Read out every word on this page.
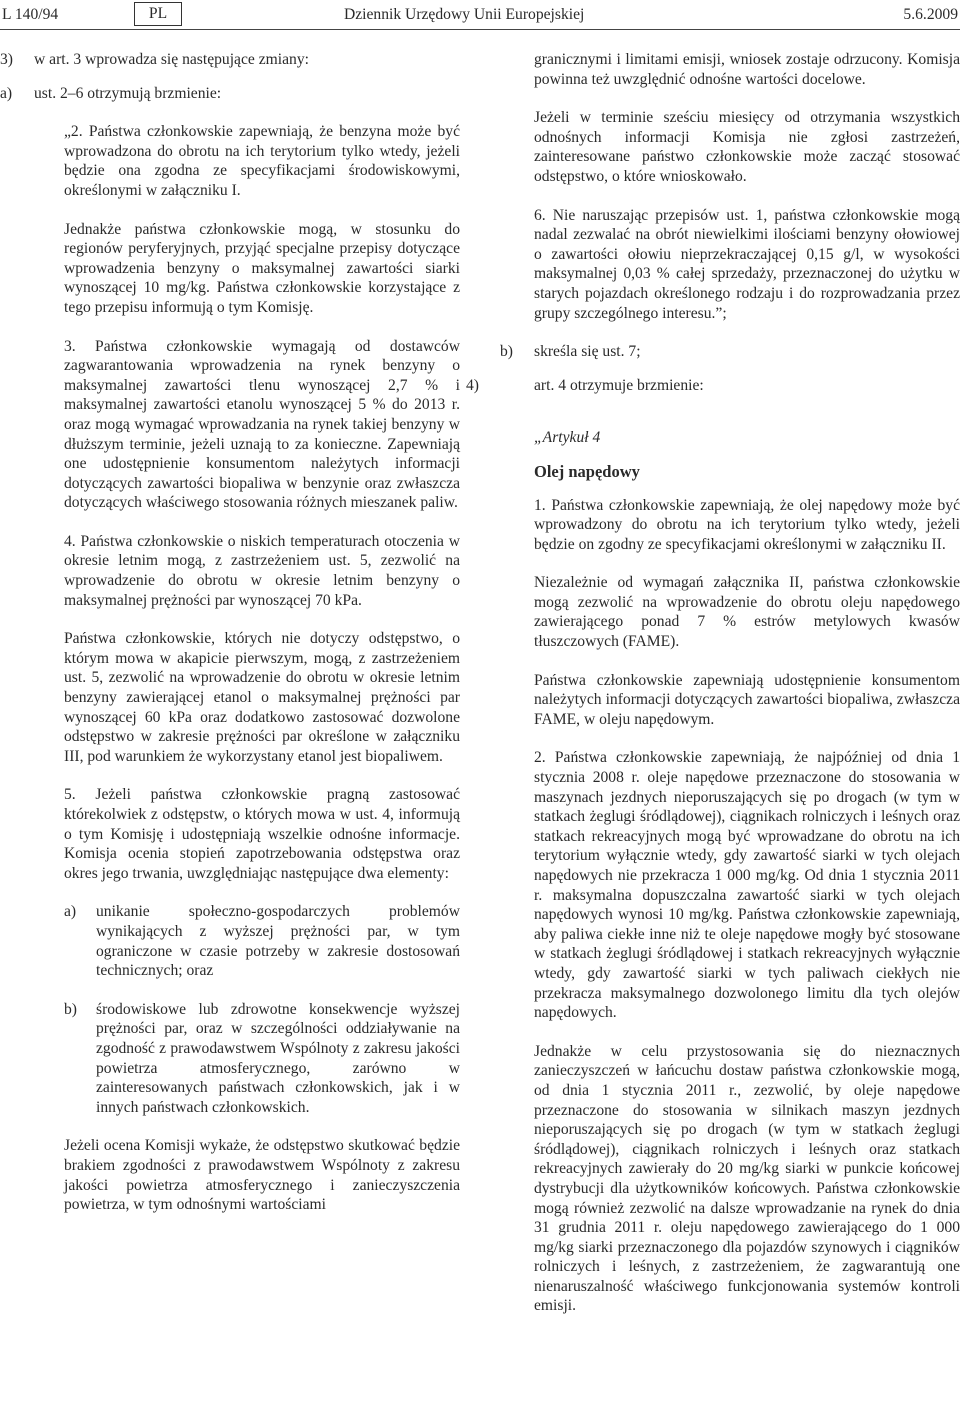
L 140/94	PL	Dziennik Urzędowy Unii Europejskiej	5.6.2009
3) w art. 3 wprowadza się następujące zmiany:

a) ust. 2–6 otrzymują brzmienie:

„2. Państwa członkowskie zapewniają, że benzyna może być wprowadzona do obrotu na ich terytorium tylko wtedy, jeżeli będzie ona zgodna ze specyfikacjami środowiskowymi, określonymi w załączniku I.

Jednakże państwa członkowskie mogą, w stosunku do regionów peryferyjnych, przyjąć specjalne przepisy dotyczące wprowadzenia benzyny o maksymalnej zawartości siarki wynoszącej 10 mg/kg. Państwa członkowskie korzystające z tego przepisu informują o tym Komisję.

3. Państwa członkowskie wymagają od dostawców zagwarantowania wprowadzenia na rynek benzyny o maksymalnej zawartości tlenu wynoszącej 2,7 % i maksymalnej zawartości etanolu wynoszącej 5 % do 2013 r. oraz mogą wymagać wprowadzania na rynek takiej benzyny w dłuższym terminie, jeżeli uznają to za konieczne. Zapewniają one udostępnienie konsumentom należytych informacji dotyczących zawartości biopaliwa w benzynie oraz zwłaszcza dotyczących właściwego stosowania różnych mieszanek paliw.

4. Państwa członkowskie o niskich temperaturach otoczenia w okresie letnim mogą, z zastrzeżeniem ust. 5, zezwolić na wprowadzenie do obrotu w okresie letnim benzyny o maksymalnej prężności par wynoszącej 70 kPa.

Państwa członkowskie, których nie dotyczy odstępstwo, o którym mowa w akapicie pierwszym, mogą, z zastrzeżeniem ust. 5, zezwolić na wprowadzenie do obrotu w okresie letnim benzyny zawierającej etanol o maksymalnej prężności par wynoszącej 60 kPa oraz dodatkowo zastosować dozwolone odstępstwo w zakresie prężności par określone w załączniku III, pod warunkiem że wykorzystany etanol jest biopaliwem.

5. Jeżeli państwa członkowskie pragną zastosować którekolwiek z odstępstw, o których mowa w ust. 4, informują o tym Komisję i udostępniają wszelkie odnośne informacje. Komisja ocenia stopień zapotrzebowania odstępstwa oraz okres jego trwania, uwzględniając następujące dwa elementy:

a) unikanie społeczno-gospodarczych problemów wynikających z wyższej prężności par, w tym ograniczone w czasie potrzeby w zakresie dostosowań technicznych; oraz

b) środowiskowe lub zdrowotne konsekwencje wyższej prężności par, oraz w szczególności oddziaływanie na zgodność z prawodawstwem Wspólnoty z zakresu jakości powietrza atmosferycznego, zarówno w zainteresowanych państwach członkowskich, jak i w innych państwach członkowskich.

Jeżeli ocena Komisji wykaże, że odstępstwo skutkować będzie brakiem zgodności z prawodawstwem Wspólnoty z zakresu jakości powietrza atmosferycznego i zanieczyszczenia powietrza, w tym odnośnymi wartościami

granicznymi i limitami emisji, wniosek zostaje odrzucony. Komisja powinna też uwzględnić odnośne wartości docelowe.

Jeżeli w terminie sześciu miesięcy od otrzymania wszystkich odnośnych informacji Komisja nie zgłosi zastrzeżeń, zainteresowane państwo członkowskie może zacząć stosować odstępstwo, o które wnioskowało.

6. Nie naruszając przepisów ust. 1, państwa członkowskie mogą nadal zezwalać na obrót niewielkimi ilościami benzyny ołowiowej o zawartości ołowiu nieprzekraczającej 0,15 g/l, w wysokości maksymalnej 0,03 % całej sprzedaży, przeznaczonej do użytku w starych pojazdach określonego rodzaju i do rozprowadzania przez grupy szczególnego interesu.”;

b) skreśla się ust. 7;

4)	art. 4 otrzymuje brzmienie:

„Artykuł 4

Olej napędowy

1. Państwa członkowskie zapewniają, że olej napędowy może być wprowadzony do obrotu na ich terytorium tylko wtedy, jeżeli będzie on zgodny ze specyfikacjami określonymi w załączniku II.

Niezależnie od wymagań załącznika II, państwa członkowskie mogą zezwolić na wprowadzenie do obrotu oleju napędowego zawierającego ponad 7 % estrów metylowych kwasów tłuszczowych (FAME).

Państwa członkowskie zapewniają udostępnienie konsumentom należytych informacji dotyczących zawartości biopaliwa, zwłaszcza FAME, w oleju napędowym.

2. Państwa członkowskie zapewniają, że najpóźniej od dnia 1 stycznia 2008 r. oleje napędowe przeznaczone do stosowania w maszynach jezdnych nieporuszających się po drogach (w tym w statkach żeglugi śródlądowej), ciągnikach rolniczych i leśnych oraz statkach rekreacyjnych mogą być wprowadzane do obrotu na ich terytorium wyłącznie wtedy, gdy zawartość siarki w tych olejach napędowych nie przekracza 1 000 mg/kg. Od dnia 1 stycznia 2011 r. maksymalna dopuszczalna zawartość siarki w tych olejach napędowych wynosi 10 mg/kg. Państwa członkowskie zapewniają, aby paliwa ciekłe inne niż te oleje napędowe mogły być stosowane w statkach żeglugi śródlądowej i statkach rekreacyjnych wyłącznie wtedy, gdy zawartość siarki w tych paliwach ciekłych nie przekracza maksymalnego dozwolonego limitu dla tych olejów napędowych.

Jednakże w celu przystosowania się do nieznacznych zanieczyszczeń w łańcuchu dostaw państwa członkowskie mogą, od dnia 1 stycznia 2011 r., zezwolić, by oleje napędowe przeznaczone do stosowania w silnikach maszyn jezdnych nieporuszających się po drogach (w tym w statkach żeglugi śródlądowej), ciągnikach rolniczych i leśnych oraz statkach rekreacyjnych zawierały do 20 mg/kg siarki w punkcie końcowej dystrybucji dla użytkowników końcowych. Państwa członkowskie mogą również zezwolić na dalsze wprowadzanie na rynek do dnia 31 grudnia 2011 r. oleju napędowego zawierającego do 1 000 mg/kg siarki przeznaczonego dla pojazdów szynowych i ciągników rolniczych i leśnych, z zastrzeżeniem, że zagwarantują one nienaruszalność właściwego funkcjonowania systemów kontroli emisji.
